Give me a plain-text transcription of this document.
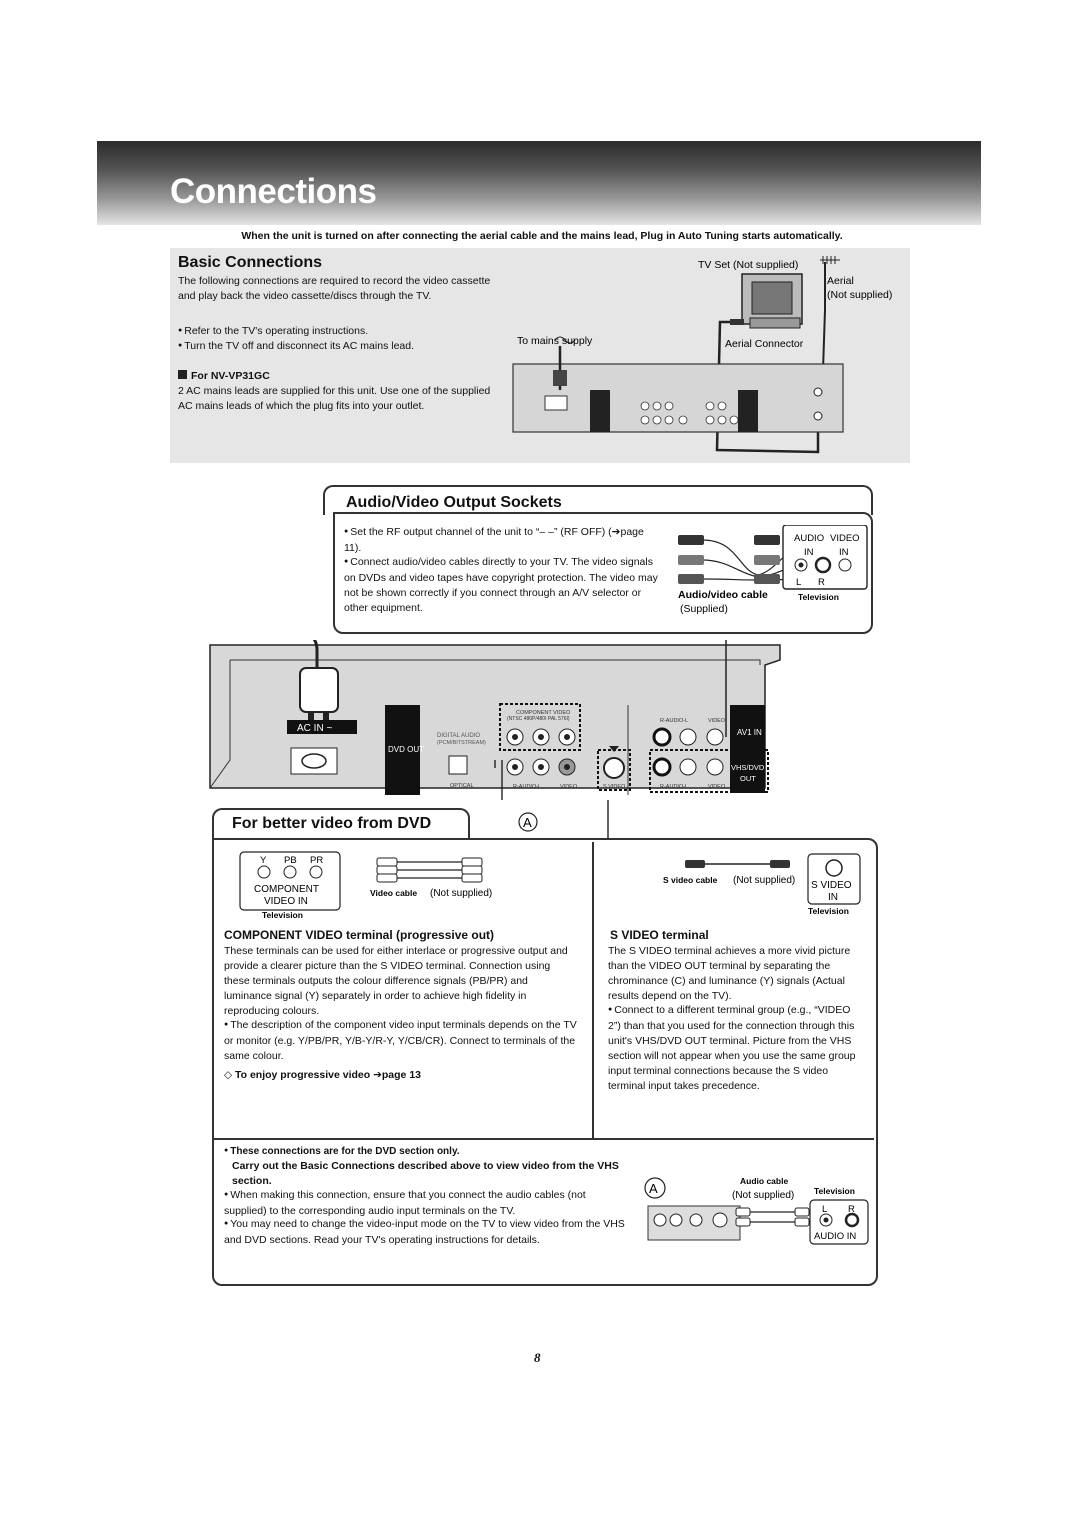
Connections
When the unit is turned on after connecting the aerial cable and the mains lead, Plug in Auto Tuning starts automatically.
Basic Connections
The following connections are required to record the video cassette and play back the video cassette/discs through the TV.
● Refer to the TV's operating instructions.
● Turn the TV off and disconnect its AC mains lead.
For NV-VP31GC
2 AC mains leads are supplied for this unit. Use one of the supplied AC mains leads of which the plug fits into your outlet.
To mains supply
TV Set (Not supplied)
Aerial
(Not supplied)
Aerial Connector
Audio/Video Output Sockets
● Set the RF output channel of the unit to “– –” (RF OFF) (➔page 11).
● Connect audio/video cables directly to your TV. The video signals on DVDs and video tapes have copyright protection. The video may not be shown correctly if you connect through an A/V selector or other equipment.
AUDIO VIDEO
IN	IN
L R
Television
Audio/video cable
(Supplied)
AC IN ~
DVD OUT
DIGITAL AUDIO
(PCM/BITSTREAM)
OPTICAL
COMPONENT VIDEO
(NTSC 480P/480I PAL 576I)
R-AUDIO-L	VIDEO	S VIDEO
R-AUDIO-L	VIDEO
AV1 IN
VHS/DVD
OUT
R-AUDIO-L	VIDEO
A
For better video from DVD
Y PB PR
COMPONENT
VIDEO IN
Television
Video cable (Not supplied)
COMPONENT VIDEO terminal (progressive out)
These terminals can be used for either interlace or progressive output and provide a clearer picture than the S VIDEO terminal. Connection using these terminals outputs the colour difference signals (PB/PR) and luminance signal (Y) separately in order to achieve high fidelity in reproducing colours.
● The description of the component video input terminals depends on the TV or monitor (e.g. Y/PB/PR, Y/B-Y/R-Y, Y/CB/CR). Connect to terminals of the same colour.
◇ To enjoy progressive video ➔page 13
S VIDEO
IN
Television
S video cable (Not supplied)
S VIDEO terminal
The S VIDEO terminal achieves a more vivid picture than the VIDEO OUT terminal by separating the chrominance (C) and luminance (Y) signals (Actual results depend on the TV).
● Connect to a different terminal group (e.g., “VIDEO 2”) than that you used for the connection through this unit's VHS/DVD OUT terminal. Picture from the VHS section will not appear when you use the same group input terminal connections because the S video terminal input takes precedence.
● These connections are for the DVD section only.
Carry out the Basic Connections described above to view video from the VHS section.
● When making this connection, ensure that you connect the audio cables (not supplied) to the corresponding audio input terminals on the TV.
● You may need to change the video-input mode on the TV to view video from the VHS and DVD sections. Read your TV's operating instructions for details.
A	Audio cable
(Not supplied) Television
L R
AUDIO IN
8
